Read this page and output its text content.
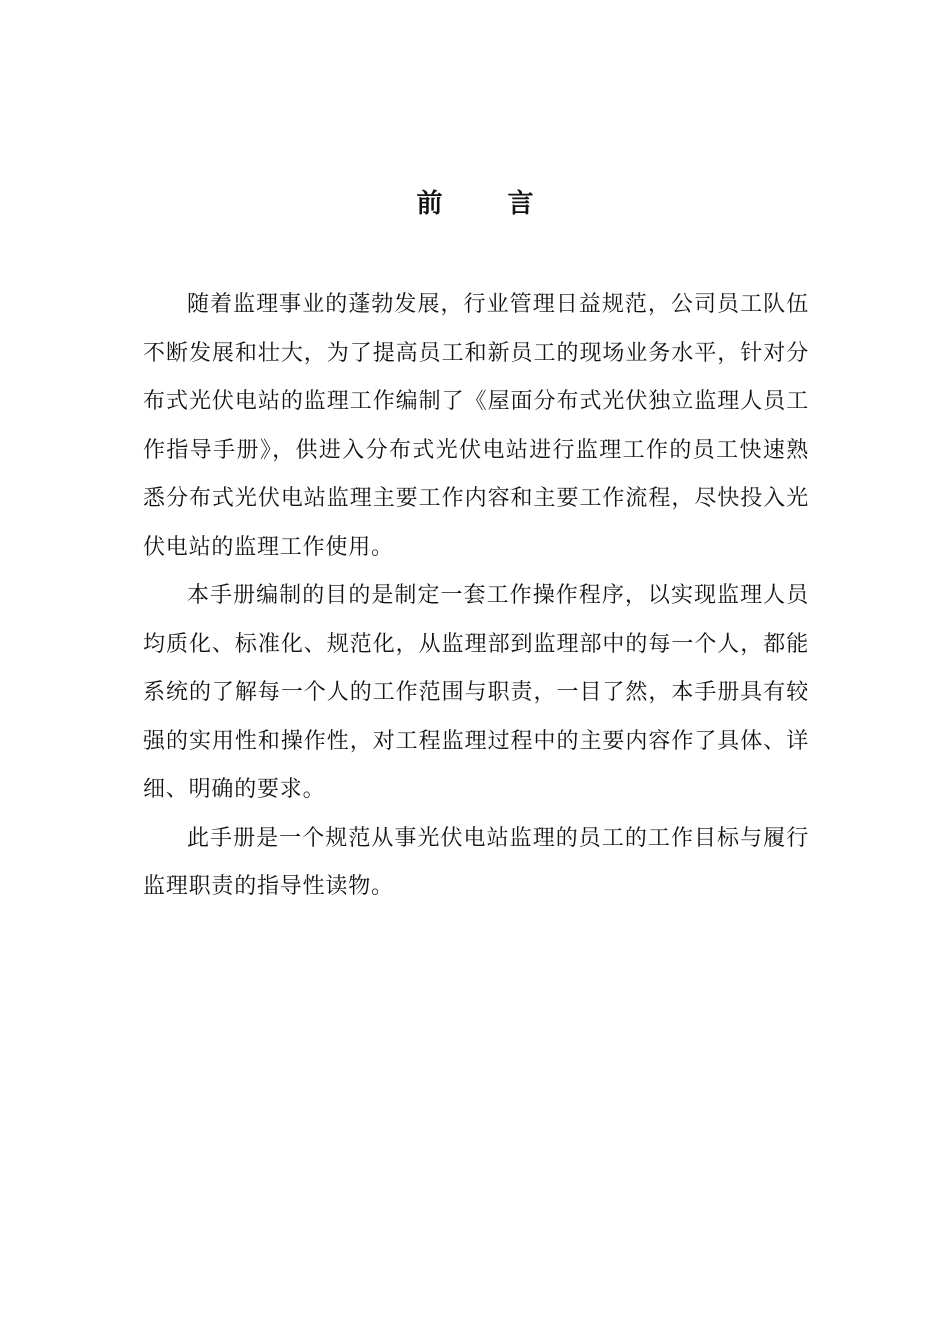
前 言

随着监理事业的蓬勃发展，行业管理日益规范，公司员工队伍不断发展和壮大，为了提高员工和新员工的现场业务水平，针对分布式光伏电站的监理工作编制了《屋面分布式光伏独立监理人员工作指导手册》，供进入分布式光伏电站进行监理工作的员工快速熟悉分布式光伏电站监理主要工作内容和主要工作流程，尽快投入光伏电站的监理工作使用。

本手册编制的目的是制定一套工作操作程序，以实现监理人员均质化、标准化、规范化，从监理部到监理部中的每一个人，都能系统的了解每一个人的工作范围与职责，一目了然，本手册具有较强的实用性和操作性，对工程监理过程中的主要内容作了具体、详细、明确的要求。

此手册是一个规范从事光伏电站监理的员工的工作目标与履行监理职责的指导性读物。
